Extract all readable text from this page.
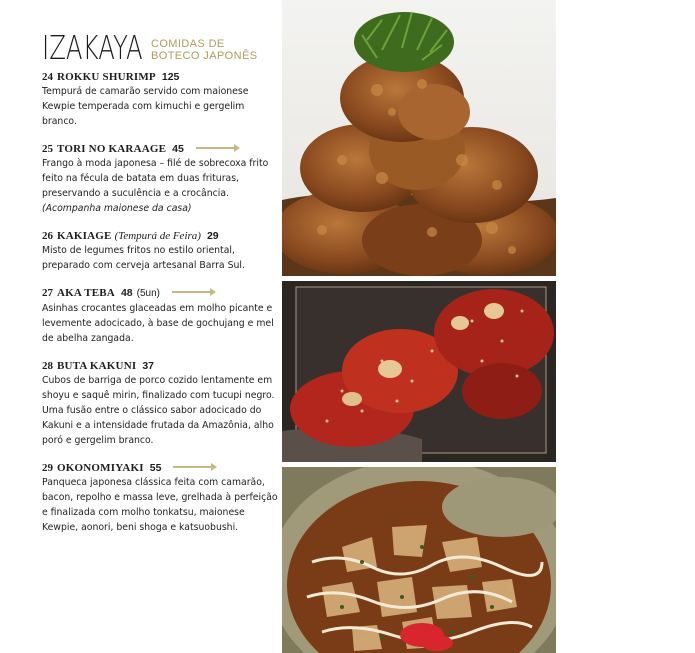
IZAKAYA COMIDAS DE BOTECO JAPONÊS
24 ROKKU SHURIMP 125

Tempurá de camarão servido com maionese Kewpie temperada com kimuchi e gergelim branco.

25 TORI NO KARAAGE 45

Frango à moda japonesa – filé de sobrecoxa frito feito na fécula de batata em duas frituras, preservando a suculência e a crocância.
(Acompanha maionese da casa)

26 KAKIAGE (Tempurá de Feira) 29

Misto de legumes fritos no estilo oriental, preparado com cerveja artesanal Barra Sul.

27 AKA TEBA 48 (5un)

Asinhas crocantes glaceadas em molho picante e levemente adocicado, à base de gochujang e mel de abelha zangada.

28 BUTA KAKUNI 37

Cubos de barriga de porco cozido lentamente em shoyu e saquê mirin, finalizado com tucupi negro. Uma fusão entre o clássico sabor adocicado do Kakuni e a intensidade frutada da Amazônia, alho poró e gergelim branco.

29 OKONOMIYAKI 55

Panqueca japonesa clássica feita com camarão, bacon, repolho e massa leve, grelhada à perfeição e finalizada com molho tonkatsu, maionese Kewpie, aonori, beni shoga e katsuobushi.
